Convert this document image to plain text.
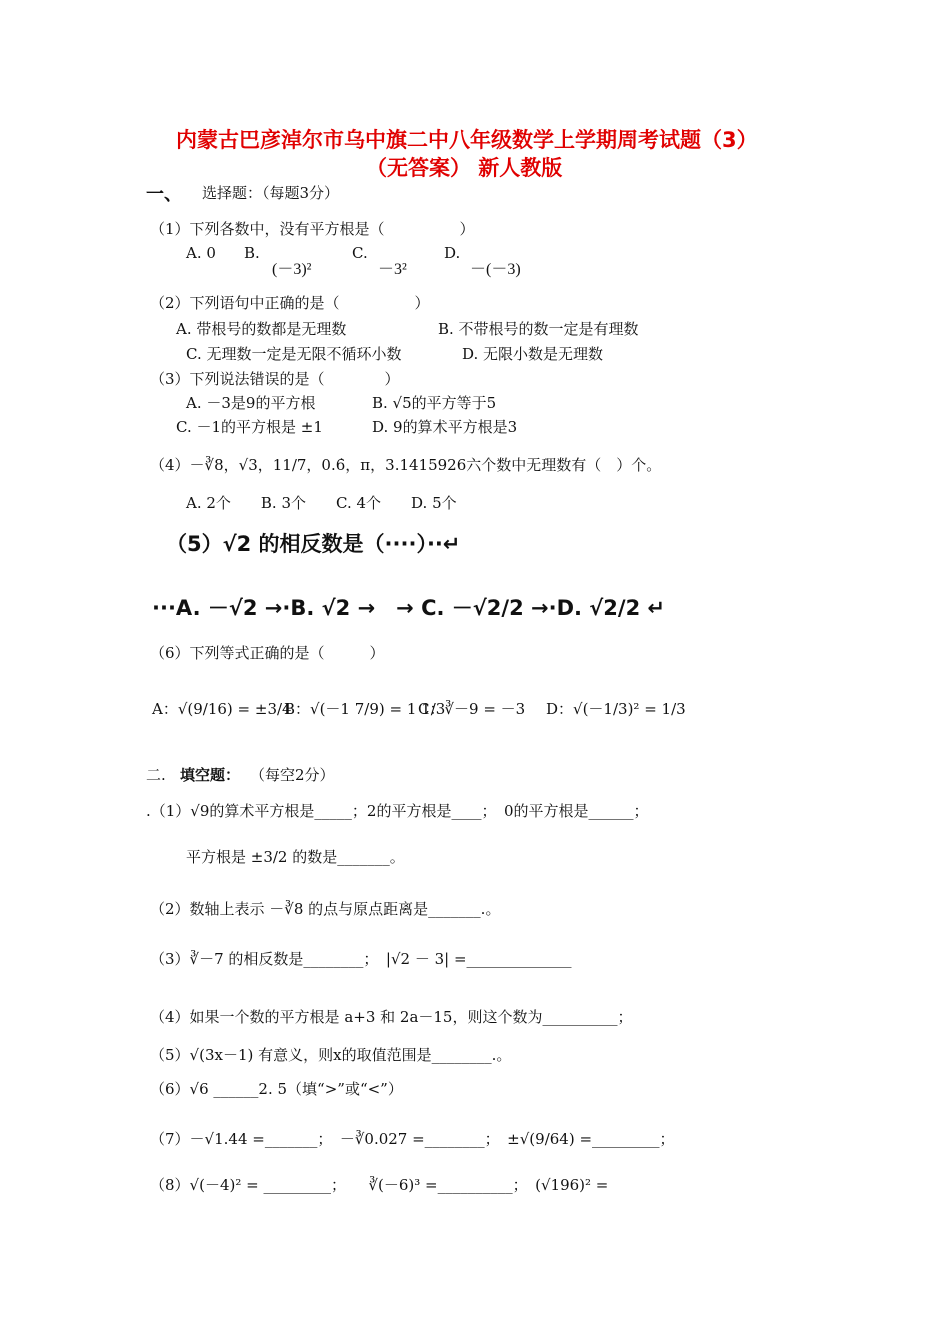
内蒙古巴彦淖尔市乌中旗二中八年级数学上学期周考试题（3）
（无答案） 新人教版
一、 选择题：（每题3分）
（1）下列各数中，没有平方根是（　　　　　）
A. 0 B.
(－3)²
C.
－3²
D.
－(－3)
（2）下列语句中正确的是（　　　　　）
A. 带根号的数都是无理数	B. 不带根号的数一定是有理数
C. 无理数一定是无限不循环小数	D. 无限小数是无理数
（3）下列说法错误的是（　　　　）
A. －3是9的平方根	B. √5的平方等于5
C. －1的平方根是 ±1	D. 9的算术平方根是3
（4）－∛8，√3，11/7，0.6̇，π，3.1415926六个数中无理数有（　）个。
A. 2个　　B. 3个　　C. 4个　　D. 5个
（5）√2 的相反数是（····）··↵
···A. －√2 →·B. √2 →　→ C. －√2/2 →·D. √2/2 ↵
（6）下列等式正确的是（　　　）
A：√(9/16) = ±3/4
B：√(－1 7/9) = 1 1/3
C：∛－9 = －3 D：√(－1/3)² = 1/3
二. 填空题： （每空2分）
.（1）√9的算术平方根是_____；2的平方根是____；　0的平方根是______；
平方根是 ±3/2 的数是_______。
（2）数轴上表示 －∛8 的点与原点距离是_______.。
（3）∛－7 的相反数是________；　|√2 － 3| =______________
（4）如果一个数的平方根是 a+3 和 2a－15，则这个数为__________；
（5）√(3x－1) 有意义，则x的取值范围是________.。
（6）√6 ______2. 5（填“>”或“<”）
（7）－√1.44 =_______；　－∛0.027 =________；　±√(9/64) =_________；
（8）√(－4)² = _________；　　∛(－6)³ =__________；　(√196)² =
